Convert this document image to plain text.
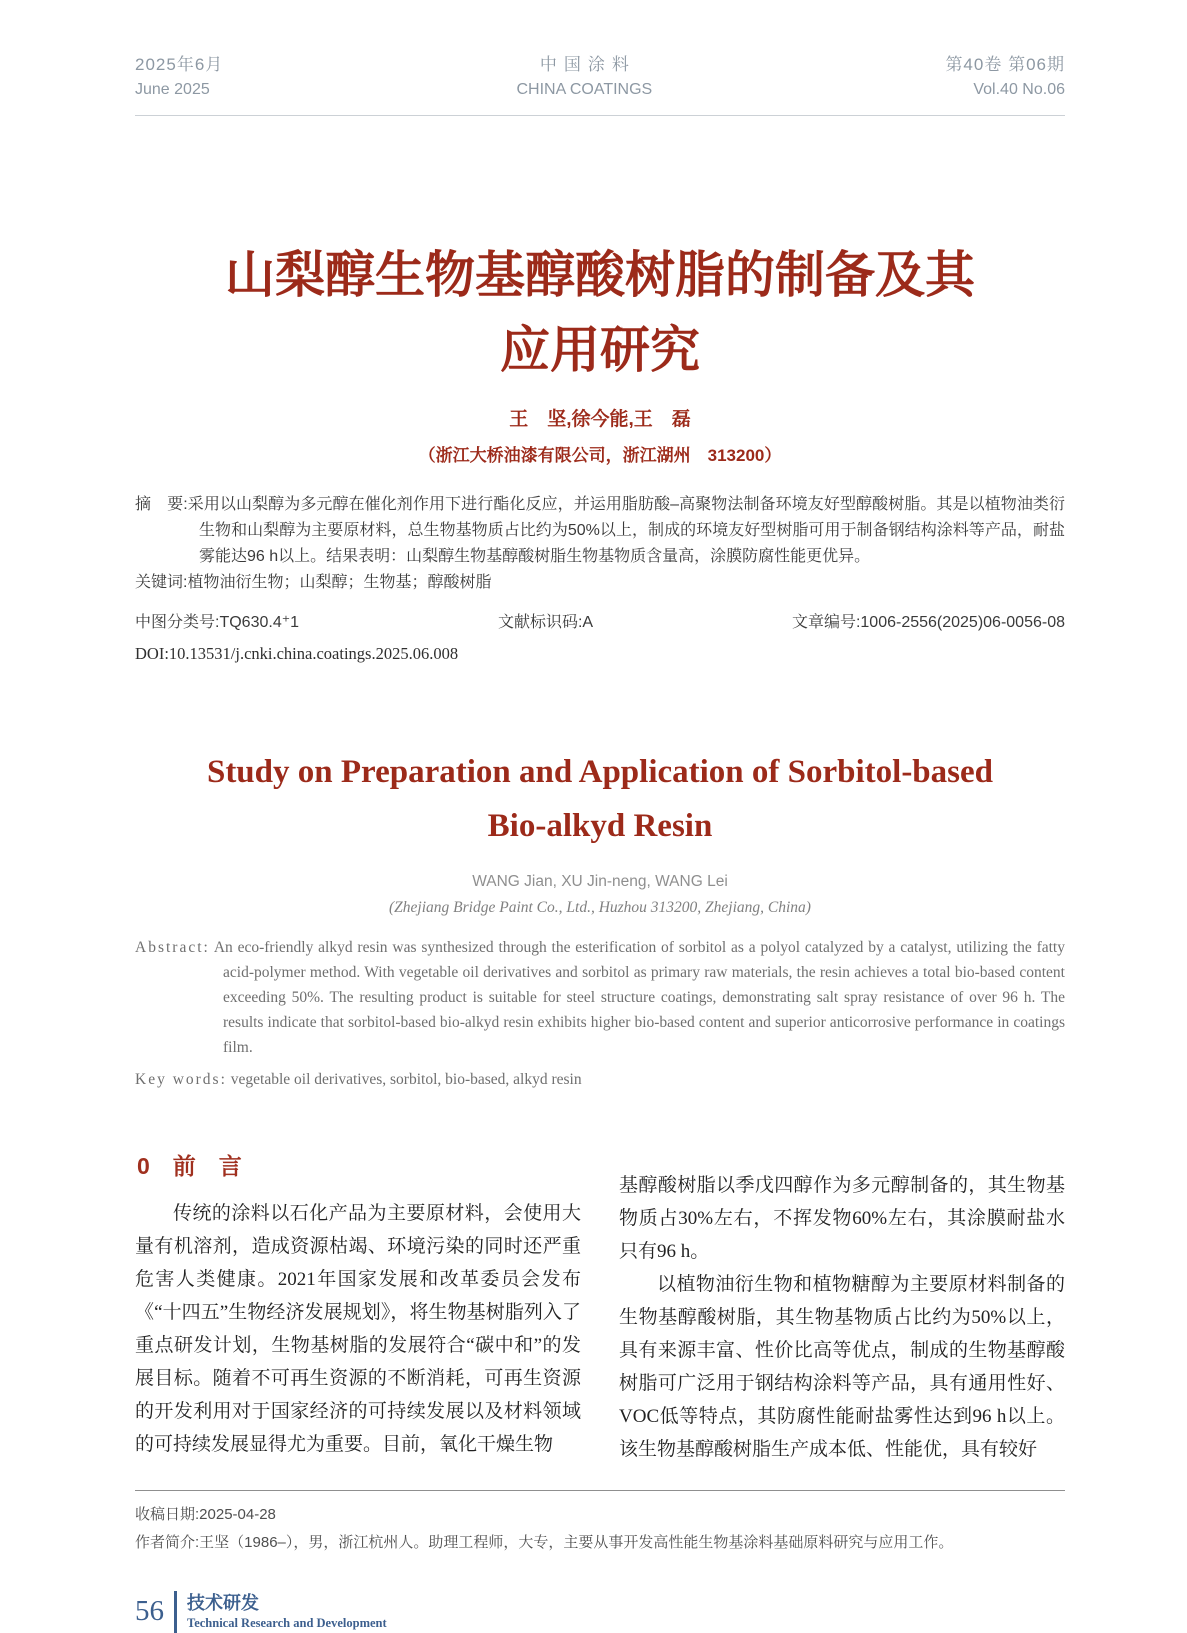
2025年6月
June 2025
中国涂料
CHINA COATINGS
第40卷 第06期
Vol.40 No.06
山梨醇生物基醇酸树脂的制备及其
应用研究
王　坚,徐今能,王　磊
（浙江大桥油漆有限公司，浙江湖州　313200）
摘　要:采用以山梨醇为多元醇在催化剂作用下进行酯化反应，并运用脂肪酸–高聚物法制备环境友好型醇酸树脂。其是以植物油类衍生物和山梨醇为主要原材料，总生物基物质占比约为50%以上，制成的环境友好型树脂可用于制备钢结构涂料等产品，耐盐雾能达96 h以上。结果表明：山梨醇生物基醇酸树脂生物基物质含量高，涂膜防腐性能更优异。
关键词:植物油衍生物；山梨醇；生物基；醇酸树脂
中图分类号:TQ630.4⁺1	文献标识码:A	文章编号:1006-2556(2025)06-0056-08
DOI:10.13531/j.cnki.china.coatings.2025.06.008
Study on Preparation and Application of Sorbitol-based
Bio-alkyd Resin
WANG Jian, XU Jin-neng, WANG Lei
(Zhejiang Bridge Paint Co., Ltd., Huzhou 313200, Zhejiang, China)
Abstract: An eco-friendly alkyd resin was synthesized through the esterification of sorbitol as a polyol catalyzed by a catalyst, utilizing the fatty acid-polymer method. With vegetable oil derivatives and sorbitol as primary raw materials, the resin achieves a total bio-based content exceeding 50%. The resulting product is suitable for steel structure coatings, demonstrating salt spray resistance of over 96 h. The results indicate that sorbitol-based bio-alkyd resin exhibits higher bio-based content and superior anticorrosive performance in coatings film.
Key words: vegetable oil derivatives, sorbitol, bio-based, alkyd resin
0　前　言

传统的涂料以石化产品为主要原材料，会使用大量有机溶剂，造成资源枯竭、环境污染的同时还严重危害人类健康。2021年国家发展和改革委员会发布《“十四五”生物经济发展规划》，将生物基树脂列入了重点研发计划，生物基树脂的发展符合“碳中和”的发展目标。随着不可再生资源的不断消耗，可再生资源的开发利用对于国家经济的可持续发展以及材料领域的可持续发展显得尤为重要。目前，氧化干燥生物

基醇酸树脂以季戊四醇作为多元醇制备的，其生物基物质占30%左右，不挥发物60%左右，其涂膜耐盐水只有96 h。

以植物油衍生物和植物糖醇为主要原材料制备的生物基醇酸树脂，其生物基物质占比约为50%以上，具有来源丰富、性价比高等优点，制成的生物基醇酸树脂可广泛用于钢结构涂料等产品，具有通用性好、VOC低等特点，其防腐性能耐盐雾性达到96 h以上。该生物基醇酸树脂生产成本低、性能优，具有较好

收稿日期:2025-04-28
作者简介:王坚（1986–），男，浙江杭州人。助理工程师，大专，主要从事开发高性能生物基涂料基础原料研究与应用工作。
56 技术研发
Technical Research and Development
